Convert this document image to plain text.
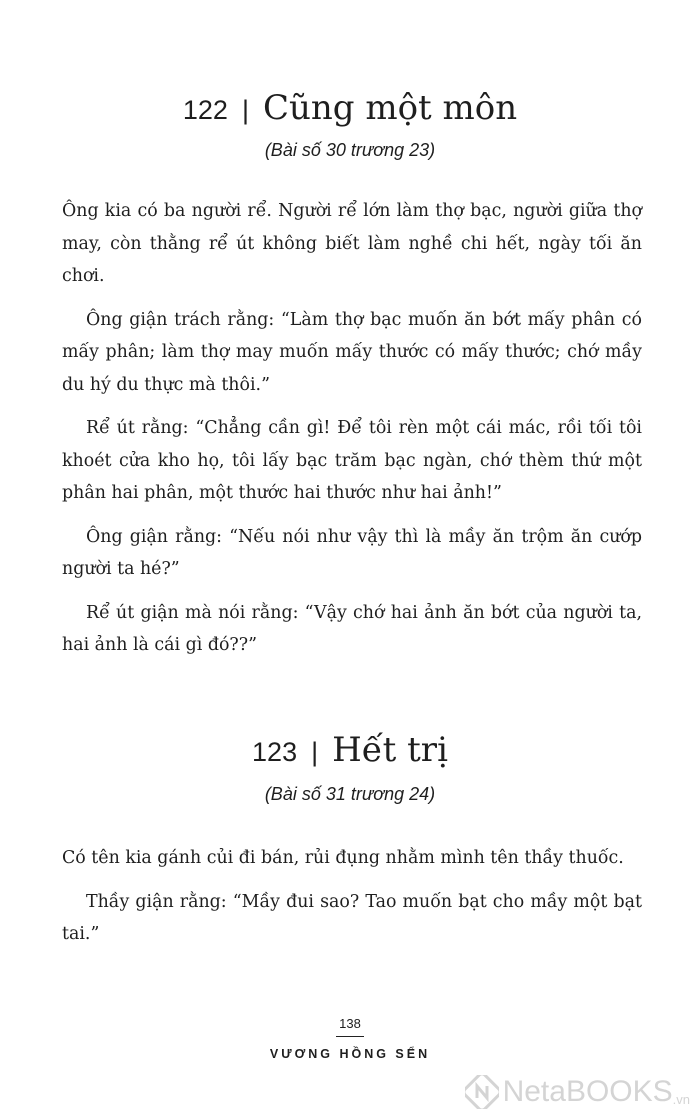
122 | Cũng một môn
(Bài số 30 trương 23)

Ông kia có ba người rể. Người rể lớn làm thợ bạc, người giữa thợ may, còn thằng rể út không biết làm nghề chi hết, ngày tối ăn chơi.

Ông giận trách rằng: “Làm thợ bạc muốn ăn bớt mấy phân có mấy phân; làm thợ may muốn mấy thước có mấy thước; chớ mầy du hý du thực mà thôi.”

Rể út rằng: “Chẳng cần gì! Để tôi rèn một cái mác, rồi tối tôi khoét cửa kho họ, tôi lấy bạc trăm bạc ngàn, chớ thèm thứ một phân hai phân, một thước hai thước như hai ảnh!”

Ông giận rằng: “Nếu nói như vậy thì là mầy ăn trộm ăn cướp người ta hé?”

Rể út giận mà nói rằng: “Vậy chớ hai ảnh ăn bớt của người ta, hai ảnh là cái gì đó??”

123 | Hết trị
(Bài số 31 trương 24)

Có tên kia gánh củi đi bán, rủi đụng nhằm mình tên thầy thuốc.

Thầy giận rằng: “Mầy đui sao? Tao muốn bạt cho mầy một bạt tai.”

138
VƯƠNG HỒNG SỂN
NetaBOOKS .vn
